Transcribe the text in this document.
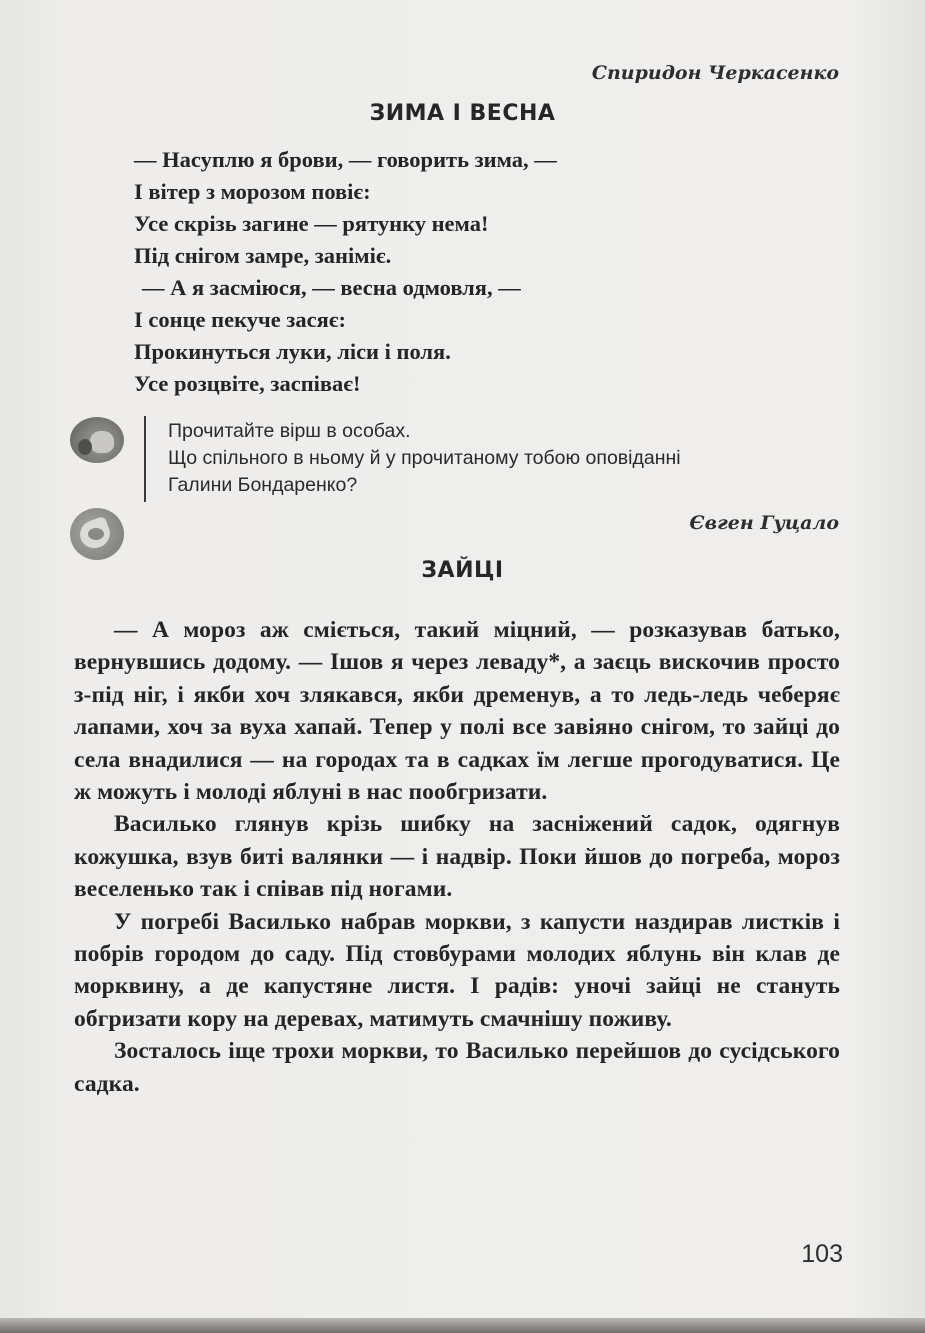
Спиридон Черкасенко
ЗИМА І ВЕСНА
— Насуплю я брови, — говорить зима, —
І вітер з морозом повіє:
Усе скрізь загине — рятунку нема!
Під снігом замре, заніміє.
— А я засміюся, — весна одмовля, —
І сонце пекуче засяє:
Прокинуться луки, ліси і поля.
Усе розцвіте, заспіває!
Прочитайте вірш в особах.
Що спільного в ньому й у прочитаному тобою оповіданні
Галини Бондаренко?
Євген Гуцало
ЗАЙЦІ

— А мороз аж сміється, такий міцний, — розказував батько, вернувшись додому. — Ішов я через леваду*, а заєць вискочив просто з-під ніг, і якби хоч злякався, якби дременув, а то ледь-ледь чеберяє лапами, хоч за вуха хапай. Тепер у полі все завіяно снігом, то зайці до села внадилися — на городах та в садках їм легше прогодуватися. Це ж можуть і молоді яблуні в нас пообгризати.

Василько глянув крізь шибку на засніжений садок, одягнув кожушка, взув биті валянки — і надвір. Поки йшов до погреба, мороз веселенько так і співав під ногами.

У погребі Василько набрав моркви, з капусти наздирав листків і побрів городом до саду. Під стовбурами молодих яблунь він клав де морквину, а де капустяне листя. І радів: уночі зайці не стануть обгризати кору на деревах, матимуть смачнішу поживу.

Зосталось іще трохи моркви, то Василько перейшов до сусідського садка.

103
